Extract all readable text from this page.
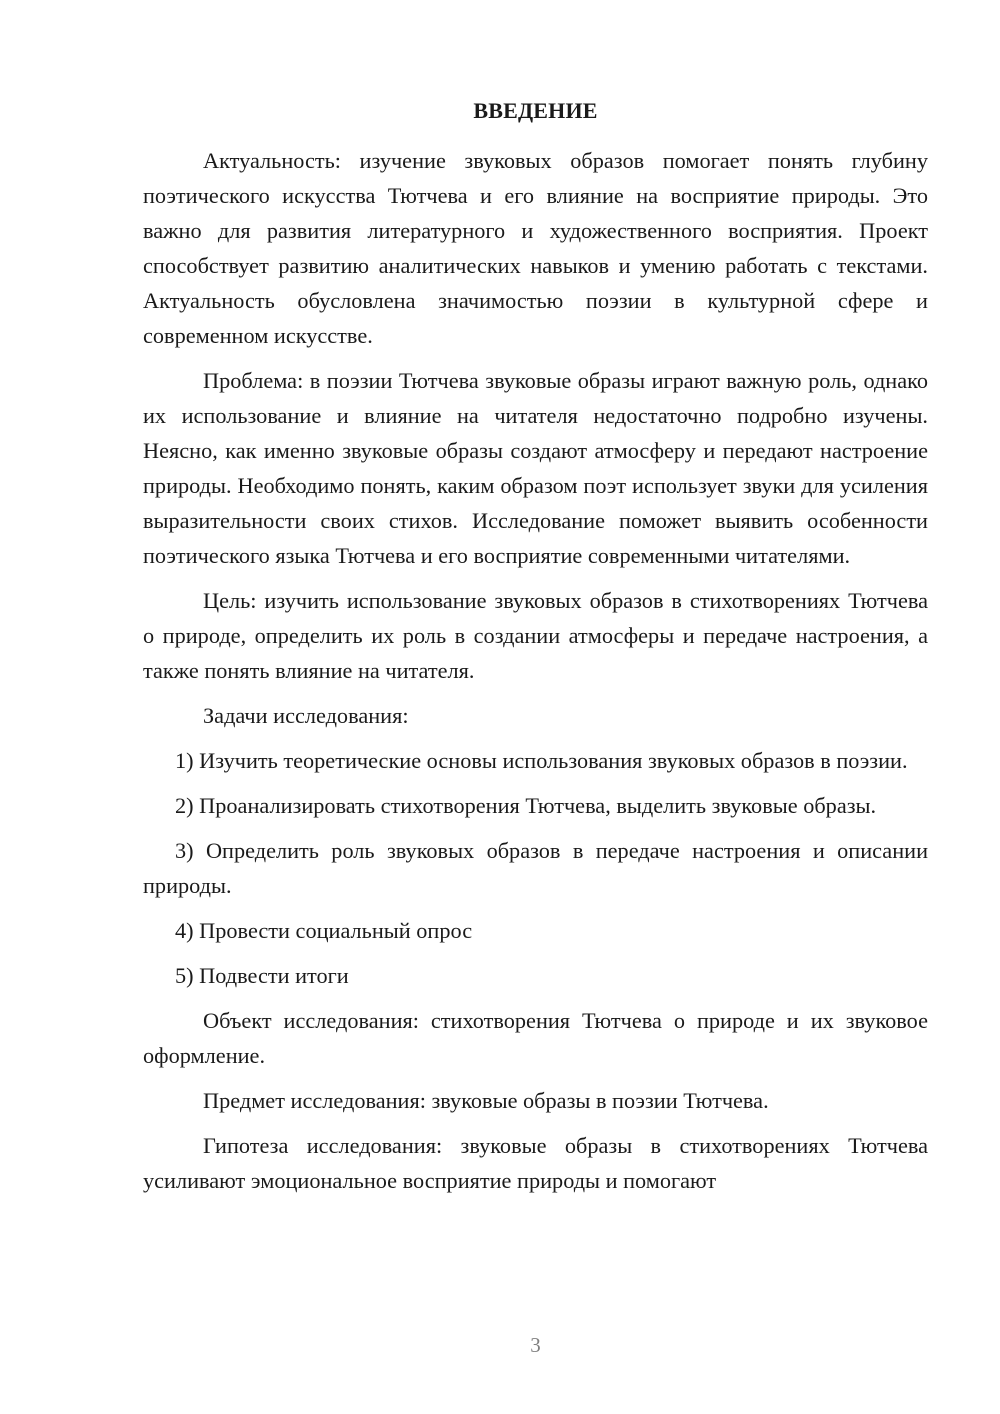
ВВЕДЕНИЕ

Актуальность: изучение звуковых образов помогает понять глубину поэтического искусства Тютчева и его влияние на восприятие природы. Это важно для развития литературного и художественного восприятия. Проект способствует развитию аналитических навыков и умению работать с текстами. Актуальность обусловлена значимостью поэзии в культурной сфере и современном искусстве.

Проблема: в поэзии Тютчева звуковые образы играют важную роль, однако их использование и влияние на читателя недостаточно подробно изучены. Неясно, как именно звуковые образы создают атмосферу и передают настроение природы. Необходимо понять, каким образом поэт использует звуки для усиления выразительности своих стихов. Исследование поможет выявить особенности поэтического языка Тютчева и его восприятие современными читателями.

Цель: изучить использование звуковых образов в стихотворениях Тютчева о природе, определить их роль в создании атмосферы и передаче настроения, а также понять влияние на читателя.

Задачи исследования:

1) Изучить теоретические основы использования звуковых образов в поэзии.

2) Проанализировать стихотворения Тютчева, выделить звуковые образы.

3) Определить роль звуковых образов в передаче настроения и описании природы.

4) Провести социальный опрос

5) Подвести итоги

Объект исследования: стихотворения Тютчева о природе и их звуковое оформление.

Предмет исследования: звуковые образы в поэзии Тютчева.

Гипотеза исследования: звуковые образы в стихотворениях Тютчева усиливают эмоциональное восприятие природы и помогают

3
